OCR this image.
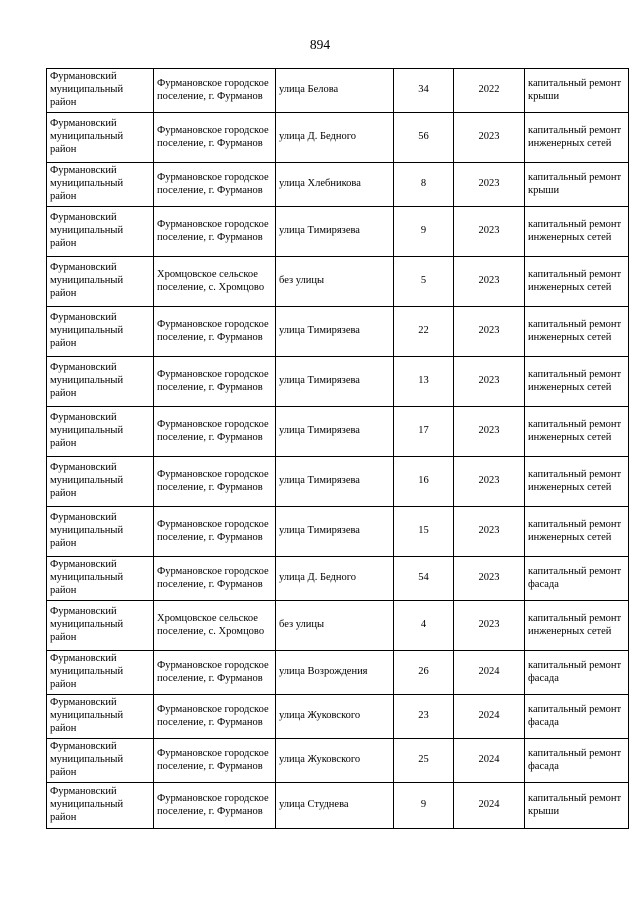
894
Фурмановский муниципальный район	Фурмановское городское поселение, г. Фурманов	улица Белова	34	2022	капитальный ремонт крыши
Фурмановский муниципальный район	Фурмановское городское поселение, г. Фурманов	улица Д. Бедного	56	2023	капитальный ремонт инженерных сетей
Фурмановский муниципальный район	Фурмановское городское поселение, г. Фурманов	улица Хлебникова	8	2023	капитальный ремонт крыши
Фурмановский муниципальный район	Фурмановское городское поселение, г. Фурманов	улица Тимирязева	9	2023	капитальный ремонт инженерных сетей
Фурмановский муниципальный район	Хромцовское сельское поселение, с. Хромцово	без улицы	5	2023	капитальный ремонт инженерных сетей
Фурмановский муниципальный район	Фурмановское городское поселение, г. Фурманов	улица Тимирязева	22	2023	капитальный ремонт инженерных сетей
Фурмановский муниципальный район	Фурмановское городское поселение, г. Фурманов	улица Тимирязева	13	2023	капитальный ремонт инженерных сетей
Фурмановский муниципальный район	Фурмановское городское поселение, г. Фурманов	улица Тимирязева	17	2023	капитальный ремонт инженерных сетей
Фурмановский муниципальный район	Фурмановское городское поселение, г. Фурманов	улица Тимирязева	16	2023	капитальный ремонт инженерных сетей
Фурмановский муниципальный район	Фурмановское городское поселение, г. Фурманов	улица Тимирязева	15	2023	капитальный ремонт инженерных сетей
Фурмановский муниципальный район	Фурмановское городское поселение, г. Фурманов	улица Д. Бедного	54	2023	капитальный ремонт фасада
Фурмановский муниципальный район	Хромцовское сельское поселение, с. Хромцово	без улицы	4	2023	капитальный ремонт инженерных сетей
Фурмановский муниципальный район	Фурмановское городское поселение, г. Фурманов	улица Возрождения	26	2024	капитальный ремонт фасада
Фурмановский муниципальный район	Фурмановское городское поселение, г. Фурманов	улица Жуковского	23	2024	капитальный ремонт фасада
Фурмановский муниципальный район	Фурмановское городское поселение, г. Фурманов	улица Жуковского	25	2024	капитальный ремонт фасада
Фурмановский муниципальный район	Фурмановское городское поселение, г. Фурманов	улица Студнева	9	2024	капитальный ремонт крыши
